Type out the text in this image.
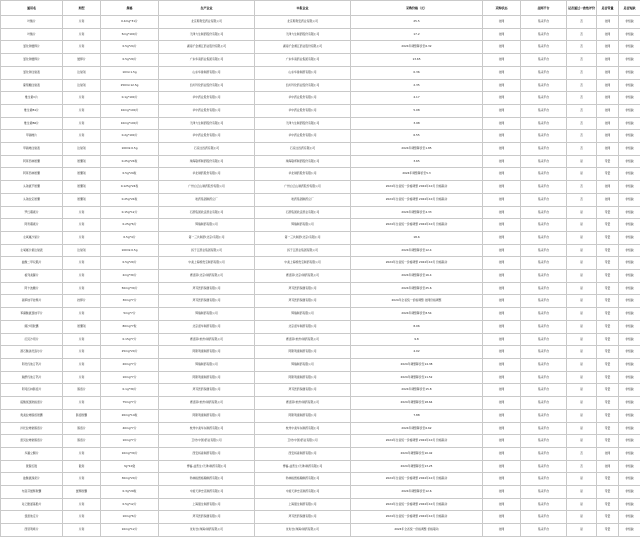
通用名	剂型	规格	生产企业	申报企业	采购价格（元）	采购状态	挂网平台	是否通过一致性评价	是否带量	是否短缺
叶酸片	片剂	0.4mg*31片	北京斯利安药业有限公司	北京斯利安药业有限公司	25.5	挂网	集采平台	否	挂网	非短缺
叶酸片	片剂	5mg*100片	天津力生制药股份有限公司	天津力生制药股份有限公司	17.2	挂网	集采平台	否	挂网	非短缺
氯化钾缓释片	片剂	0.5g*24片	湖南千金湘江药业股份有限公司	湖南千金湘江药业股份有限公司	2024年调整降价至6.32	挂网	集采平台	否	挂网	非短缺
氯化钾缓释片	缓释片	0.5g*20片	广东华南药业集团有限公司	广东华南药业集团有限公司	13.65	挂网	集采平台	否	挂网	非短缺
氯化钾注射液	注射剂	10ml:1.5g	山东华鲁制药有限公司	山东华鲁制药有限公司	0.36	挂网	集采平台	否	挂网	非短缺
葡萄糖注射液	注射剂	250ml:12.5g	四川科伦药业股份有限公司	四川科伦药业股份有限公司	2.35	挂网	集采平台	否	挂网	非短缺
维生素C片	片剂	0.1g*100片	华中药业股份有限公司	华中药业股份有限公司	4.17	挂网	集采平台	否	挂网	非短缺
维生素B1片	片剂	10mg*100片	华中药业股份有限公司	华中药业股份有限公司	5.08	挂网	集采平台	否	挂网	非短缺
维生素B6片	片剂	10mg*100片	天津力生制药股份有限公司	天津力生制药股份有限公司	3.98	挂网	集采平台	否	挂网	非短缺
甲硝唑片	片剂	0.2g*100片	华中药业股份有限公司	华中药业股份有限公司	6.55	挂网	集采平台	否	挂网	非短缺
甲硝唑注射液	注射剂	100ml:0.5g	石家庄四药有限公司	石家庄四药有限公司	2024年调整降价至1.85	挂网	集采平台	否	挂网	非短缺
阿莫西林胶囊	胶囊剂	0.25g*24粒	珠海联邦制药股份有限公司	珠海联邦制药股份有限公司	3.65	挂网	集采平台	是	带量	非短缺
阿莫西林胶囊	胶囊剂	0.5g*24粒	华北制药股份有限公司	华北制药股份有限公司	2024年调整降价至5.3	挂网	集采平台	是	带量	非短缺
头孢氨苄胶囊	胶囊剂	0.125g*24粒	广州白云山制药股份有限公司	广州白云山制药股份有限公司	2024年全省统一价格调整 2024年10月 价格联动	挂网	集采平台	否	挂网	非短缺
头孢拉定胶囊	胶囊剂	0.25g*24粒	哈药集团制药总厂	哈药集团制药总厂	2024年全省统一价格调整 2024年10月 价格联动	挂网	集采平台	否	挂网	非短缺
罗红霉素片	片剂	0.15g*12片	石药集团欧意药业有限公司	石药集团欧意药业有限公司	2024年调整降价至4.33	挂网	集采平台	是	带量	非短缺
阿奇霉素片	片剂	0.25g*6片	辉瑞制药有限公司	辉瑞制药有限公司	2024年全省统一价格调整 2024年10月 价格联动	挂网	集采平台	是	带量	非短缺
左氧氟沙星片	片剂	0.5g*4片	第一三共制药(北京)有限公司	第一三共制药(北京)有限公司	18.6	挂网	集采平台	是	带量	非短缺
左氧氟沙星注射液	注射剂	100ml:0.5g	扬子江药业集团有限公司	扬子江药业集团有限公司	2024年调整降价至12.4	挂网	集采平台	是	带量	非短缺
盐酸二甲双胍片	片剂	0.5g*20片	中美上海施贵宝制药有限公司	中美上海施贵宝制药有限公司	2024年全省统一价格调整 2024年10月 价格联动	挂网	集采平台	是	带量	非短缺
格列美脲片	片剂	2mg*30片	赛诺菲(北京)制药有限公司	赛诺菲(北京)制药有限公司	2024年调整降价至16.4	挂网	集采平台	是	带量	非短缺
阿卡波糖片	片剂	50mg*30片	拜耳医药保健有限公司	拜耳医药保健有限公司	2024年调整降价至25.6	挂网	集采平台	是	带量	非短缺
硝苯地平控释片	控释片	30mg*7片	拜耳医药保健有限公司	拜耳医药保健有限公司	2024年全省统一价格调整 挂网价格调整	挂网	集采平台	是	带量	非短缺
苯磺酸氨氯地平片	片剂	5mg*7片	辉瑞制药有限公司	辉瑞制药有限公司	2024年调整降价至8.54	挂网	集采平台	是	带量	非短缺
缬沙坦胶囊	胶囊剂	80mg*7粒	北京诺华制药有限公司	北京诺华制药有限公司	8.06	挂网	集采平台	是	带量	非短缺
厄贝沙坦片	片剂	0.15g*7片	赛诺菲(杭州)制药有限公司	赛诺菲(杭州)制药有限公司	9.8	挂网	集采平台	是	带量	非短缺
酒石酸美托洛尔片	片剂	25mg*20片	阿斯利康制药有限公司	阿斯利康制药有限公司	4.02	挂网	集采平台	是	带量	非短缺
阿托伐他汀钙片	片剂	20mg*7片	辉瑞制药有限公司	辉瑞制药有限公司	2024年调整降价至14.38	挂网	集采平台	是	带量	非短缺
瑞舒伐他汀钙片	片剂	10mg*7片	阿斯利康制药有限公司	阿斯利康制药有限公司	2024年调整降价至11.52	挂网	集采平台	是	带量	非短缺
阿司匹林肠溶片	肠溶片	0.1g*30片	拜耳医药保健有限公司	拜耳医药保健有限公司	2024年调整降价至15.8	挂网	集采平台	是	带量	非短缺
硫酸氢氯吡格雷片	片剂	75mg*7片	赛诺菲(杭州)制药有限公司	赛诺菲(杭州)制药有限公司	2024年调整降价至18.64	挂网	集采平台	是	带量	非短缺
奥美拉唑肠溶胶囊	肠溶胶囊	20mg*14粒	阿斯利康制药有限公司	阿斯利康制药有限公司	7.88	挂网	集采平台	是	带量	非短缺
泮托拉唑钠肠溶片	肠溶片	40mg*7片	杭州中美华东制药有限公司	杭州中美华东制药有限公司	2024年调整降价至6.62	挂网	集采平台	是	带量	非短缺
雷贝拉唑钠肠溶片	肠溶片	10mg*7片	卫材(中国)药业有限公司	卫材(中国)药业有限公司	2024年全省统一价格调整 2024年10月 价格联动	挂网	集采平台	是	带量	非短缺
多潘立酮片	片剂	10mg*30片	西安杨森制药有限公司	西安杨森制药有限公司	2024年调整降价至10.42	挂网	集采平台	否	挂网	非短缺
蒙脱石散	散剂	3g*10袋	博福-益普生(天津)制药有限公司	博福-益普生(天津)制药有限公司	2024年调整降价至13.25	挂网	集采平台	否	挂网	非短缺
盐酸氨溴索片	片剂	30mg*20片	勃林格殷格翰制药有限公司	勃林格殷格翰制药有限公司	2024年全省统一价格调整 2024年10月 价格联动	挂网	集采平台	是	带量	非短缺
布洛芬缓释胶囊	缓释胶囊	0.3g*20粒	中美天津史克制药有限公司	中美天津史克制药有限公司	2024年调整降价至12.6	挂网	集采平台	是	带量	非短缺
对乙酰氨基酚片	片剂	0.5g*12片	上海强生制药有限公司	上海强生制药有限公司	2024年全省统一价格调整 2024年10月 价格联动	挂网	集采平台	是	带量	非短缺
氯雷他定片	片剂	10mg*6片	拜耳医药保健有限公司	拜耳医药保健有限公司	2024年全省统一价格调整 2024年10月 价格联动	挂网	集采平台	是	带量	非短缺
西替利嗪片	片剂	10mg*12片	优时比(珠海)制药有限公司	优时比(珠海)制药有限公司	2024年全省统一价格调整 价格联动	挂网	集采平台	是	带量	非短缺
